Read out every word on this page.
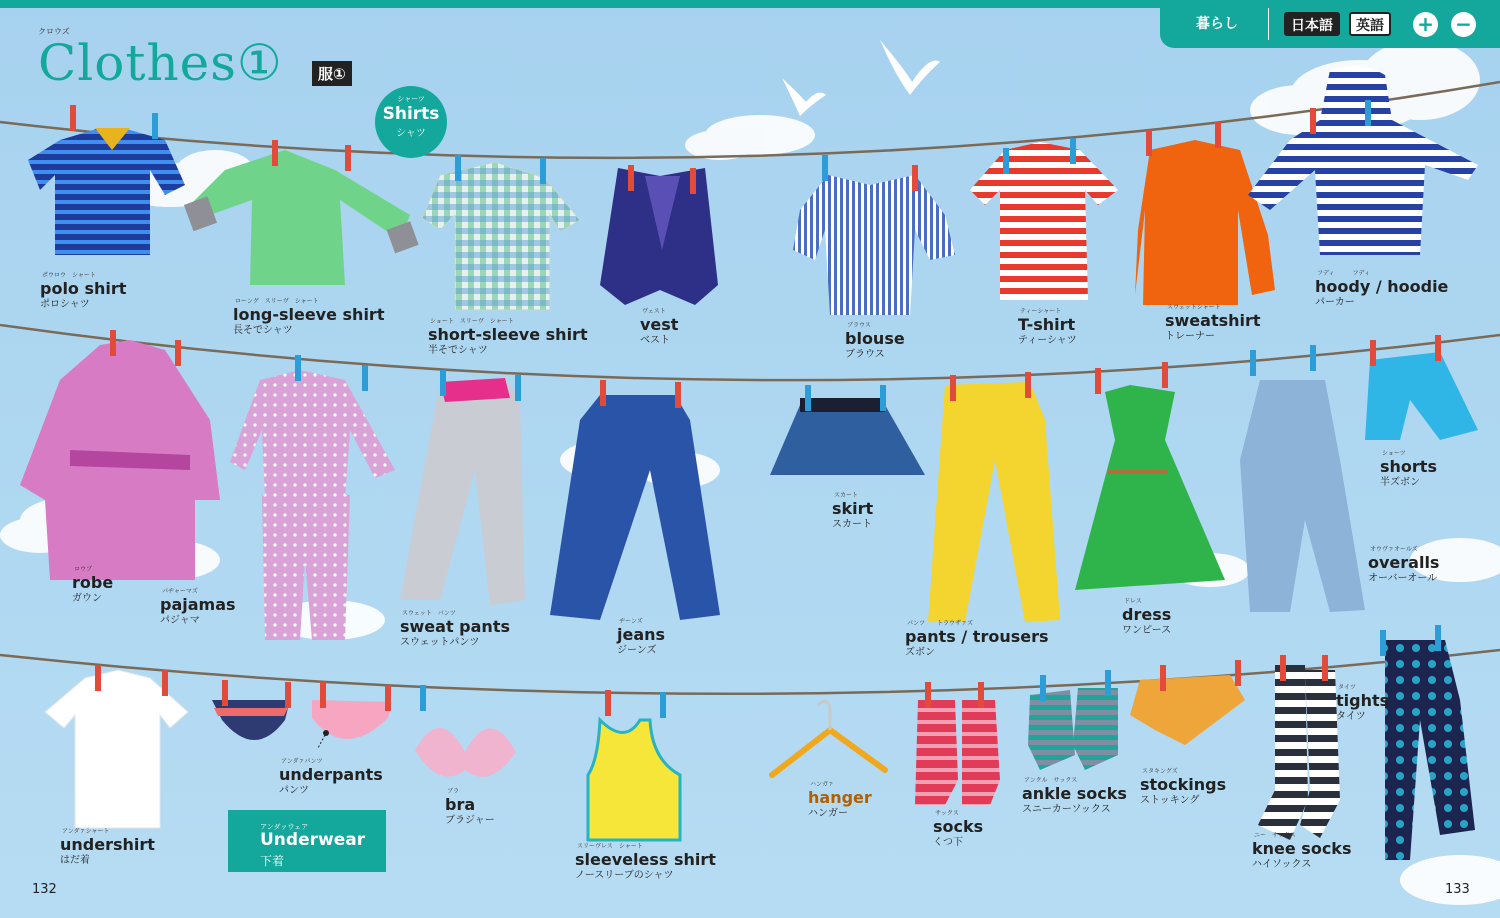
暮らし	日本語	英語	+ −
クロウズ
Clothes①	服①
シャーツ
Shirts
シャツ
アンダァウェア
Underwear
下着
ポウロウ　シャート
polo shirt
ポロシャツ	ローング　スリーヴ　シャート
long-sleeve shirt
長そでシャツ
ショート　スリーヴ　シャート
short-sleeve shirt
半そでシャツ
ヴェスト
vest
ベスト
ブラウス
blouse
ブラウス
ティーシャート
T-shirt
ティーシャツ
スウェットシャート
sweatshirt
トレーナー
フディ　　　フディ
hoody / hoodie
パーカー
ロウブ
robe
ガウン
パヂャーマズ
pajamas
パジャマ
スウェット　パンツ
sweat pants
スウェットパンツ
ヂーンズ
jeans
ジーンズ
スカート
skirt
スカート
パンツ　　トラウザァズ
pants / trousers
ズボン
ドレス
dress
ワンピース
オウヴァオールズ
overalls
オーバーオール
ショーツ
shorts
半ズボン
アンダァシャート
undershirt
はだ着
アンダァパンツ
underpants
パンツ	ブラ
bra
ブラジャー
スリーヴレス　シャート
sleeveless shirt
ノースリーブのシャツ
ハンガァ
hanger
ハンガー	サックス
socks
くつ下
アンクル　サックス
ankle socks
スニーカーソックス
スタキングズ
stockings
ストッキング
ニー　サックス
knee socks
ハイソックス
タイツ
tights
タイツ
132	133
